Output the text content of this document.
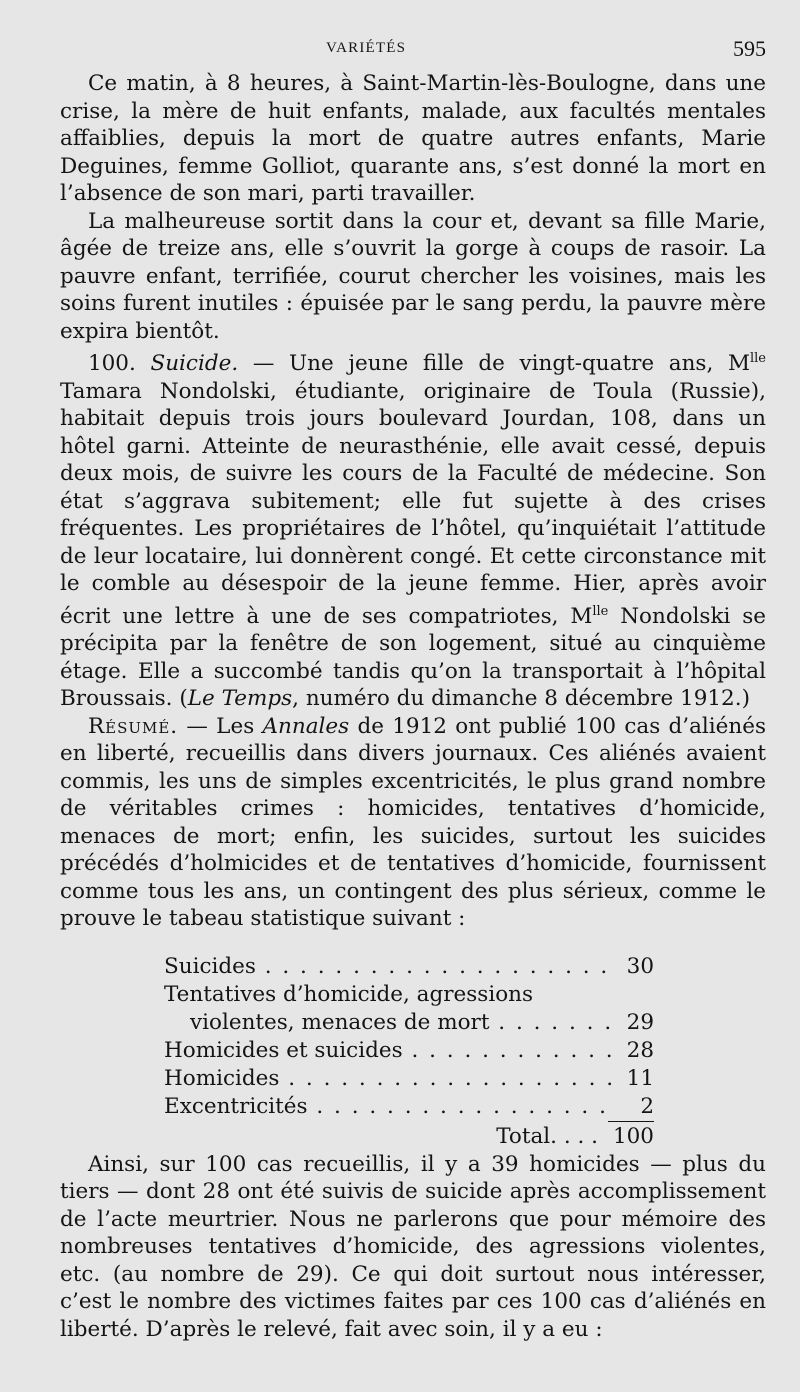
VARIÉTÉS	595

Ce matin, à 8 heures, à Saint-Martin-lès-Boulogne, dans une crise, la mère de huit enfants, malade, aux facultés mentales affaiblies, depuis la mort de quatre autres enfants, Marie Deguines, femme Golliot, quarante ans, s’est donné la mort en l’absence de son mari, parti travailler.

La malheureuse sortit dans la cour et, devant sa fille Marie, âgée de treize ans, elle s’ouvrit la gorge à coups de rasoir. La pauvre enfant, terrifiée, courut chercher les voisines, mais les soins furent inutiles : épuisée par le sang perdu, la pauvre mère expira bientôt.

100. Suicide. — Une jeune fille de vingt-quatre ans, $M^{lle}$ Tamara Nondolski, étudiante, originaire de Toula (Russie), habitait depuis trois jours boulevard Jourdan, 108, dans un hôtel garni. Atteinte de neurasthénie, elle avait cessé, depuis deux mois, de suivre les cours de la Faculté de médecine. Son état s’aggrava subitement; elle fut sujette à des crises fréquentes. Les propriétaires de l’hôtel, qu’inquiétait l’attitude de leur locataire, lui donnèrent congé. Et cette circonstance mit le comble au désespoir de la jeune femme. Hier, après avoir écrit une lettre à une de ses compatriotes, $M^{lle}$ Nondolski se précipita par la fenêtre de son logement, situé au cinquième étage. Elle a succombé tandis qu’on la transportait à l’hôpital Broussais. (Le Temps, numéro du dimanche 8 décembre 1912.)

Résumé. — Les Annales de 1912 ont publié 100 cas d’aliénés en liberté, recueillis dans divers journaux. Ces aliénés avaient commis, les uns de simples excentricités, le plus grand nombre de véritables crimes : homicides, tentatives d’homicide, menaces de mort; enfin, les suicides, surtout les suicides précédés d’holmicides et de tentatives d’homicide, fournissent comme tous les ans, un contingent des plus sérieux, comme le prouve le tabeau statistique suivant :

Suicides . . .	30
Tentatives d’homicide, agressions
violentes, menaces de mort . . .	29
Homicides et suicides . . .	28
Homicides . . .	11
Excentricités . . .	2
Total. . . . 100

Ainsi, sur 100 cas recueillis, il y a 39 homicides — plus du tiers — dont 28 ont été suivis de suicide après accomplissement de l’acte meurtrier. Nous ne parlerons que pour mémoire des nombreuses tentatives d’homicide, des agressions violentes, etc. (au nombre de 29). Ce qui doit surtout nous intéresser, c’est le nombre des victimes faites par ces 100 cas d’aliénés en liberté. D’après le relevé, fait avec soin, il y a eu :
